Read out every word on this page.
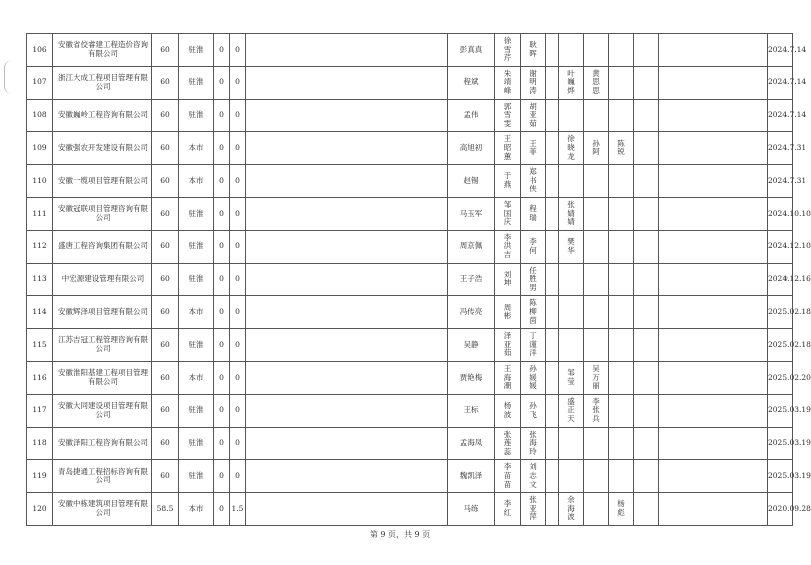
106	安徽省佼睿建工程造价咨询有限公司	60	驻淮	0	0		彭真真	徐雪芹	耿晖							2024.7.14
107	浙江大成工程项目管理有限公司	60	驻淮	0	0		程斌	朱靖峰	谢明涛		叶巍烨	黄思思				2024.7.14
108	安徽巍岭工程咨询有限公司	60	驻淮	0	0		孟伟	郭雪雯	胡亚茹							2024.7.14
109	安徽强农开发建设有限公司	60	本市	0	0		高旭初	王昭蕙	王菲		徐晓龙	孙阿	陈锐			2024.7.31
110	安徽一缆项目管理有限公司	60	本市	0	0		赵锡	于燕	郑书侠							2024.7.31
111	安徽冠联项目管理咨询有限公司	60	驻淮	0	0		马玉军	邹国庆	程瑞		张婧婧					2024.10.10
112	盛唐工程咨询集团有限公司	60	驻淮	0	0		周京佩	李洪吉	李何		樊华					2024.12.10
113	中宏源建设管理有限公司	60	驻淮	0	0		王子浩	刘坤	任胜男							2024.12.16
114	安徽辉泽项目管理有限公司	60	本市	0	0		冯传亮	周彬	陈柳茵							2025.02.18
115	江苏吉冠工程管理咨询有限公司	60	驻淮	0	0		吴静	泽亚茹	丁谨洋							2025.02.18
116	安徽淮阳基建工程项目管理有限公司	60	本市	0	0		贾艳梅	王海潮	孙媛媛		邹莹	吴万丽				2025.02.20
117	安徽大同建设项目管理有限公司	60	驻淮	0	0		王标	杨波	孙飞		盛正天	李张兵				2025.03.19
118	安徽泽阳工程咨询有限公司	60	驻淮	0	0		孟海凤	张莲蕊	张海玲							2025.03.19
119	青岛捷通工程招标咨询有限公司	60	驻淮	0	0		魏凯泽	李苗苗	刘志文							2025.03.19
120	安徽中栋建筑项目管理有限公司	58.5	本市	0	1.5		马练	李红	张亚萍		余海波		杨彪			2020.09.28
第 9 页，共 9 页
